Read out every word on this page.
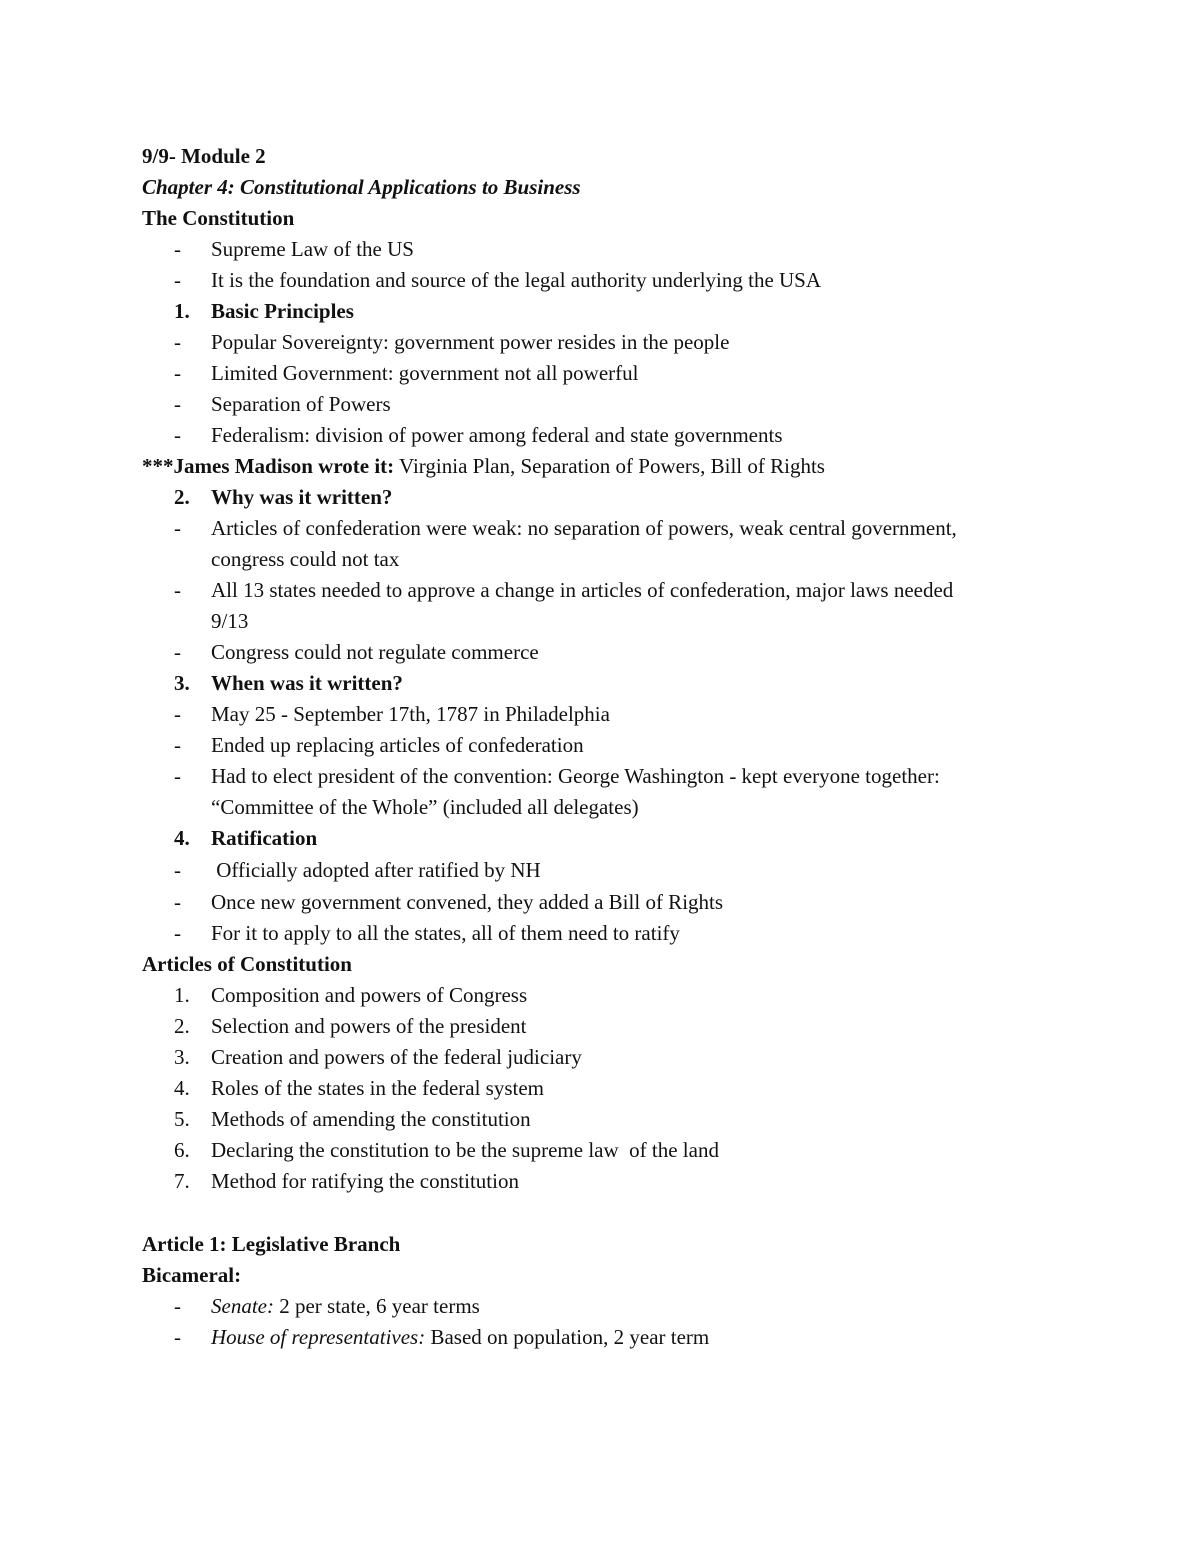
9/9- Module 2
Chapter 4: Constitutional Applications to Business
The Constitution
- Supreme Law of the US
- It is the foundation and source of the legal authority underlying the USA
1. Basic Principles
- Popular Sovereignty: government power resides in the people
- Limited Government: government not all powerful
- Separation of Powers
- Federalism: division of power among federal and state governments
***James Madison wrote it: Virginia Plan, Separation of Powers, Bill of Rights
2. Why was it written?
- Articles of confederation were weak: no separation of powers, weak central government,
congress could not tax
- All 13 states needed to approve a change in articles of confederation, major laws needed
9/13
- Congress could not regulate commerce
3. When was it written?
- May 25 - September 17th, 1787 in Philadelphia
- Ended up replacing articles of confederation
- Had to elect president of the convention: George Washington - kept everyone together:
“Committee of the Whole” (included all delegates)
4. Ratification
- Officially adopted after ratified by NH
- Once new government convened, they added a Bill of Rights
- For it to apply to all the states, all of them need to ratify
Articles of Constitution
1. Composition and powers of Congress
2. Selection and powers of the president
3. Creation and powers of the federal judiciary
4. Roles of the states in the federal system
5. Methods of amending the constitution
6. Declaring the constitution to be the supreme law  of the land
7. Method for ratifying the constitution
Article 1: Legislative Branch
Bicameral:
- Senate: 2 per state, 6 year terms
- House of representatives: Based on population, 2 year term
